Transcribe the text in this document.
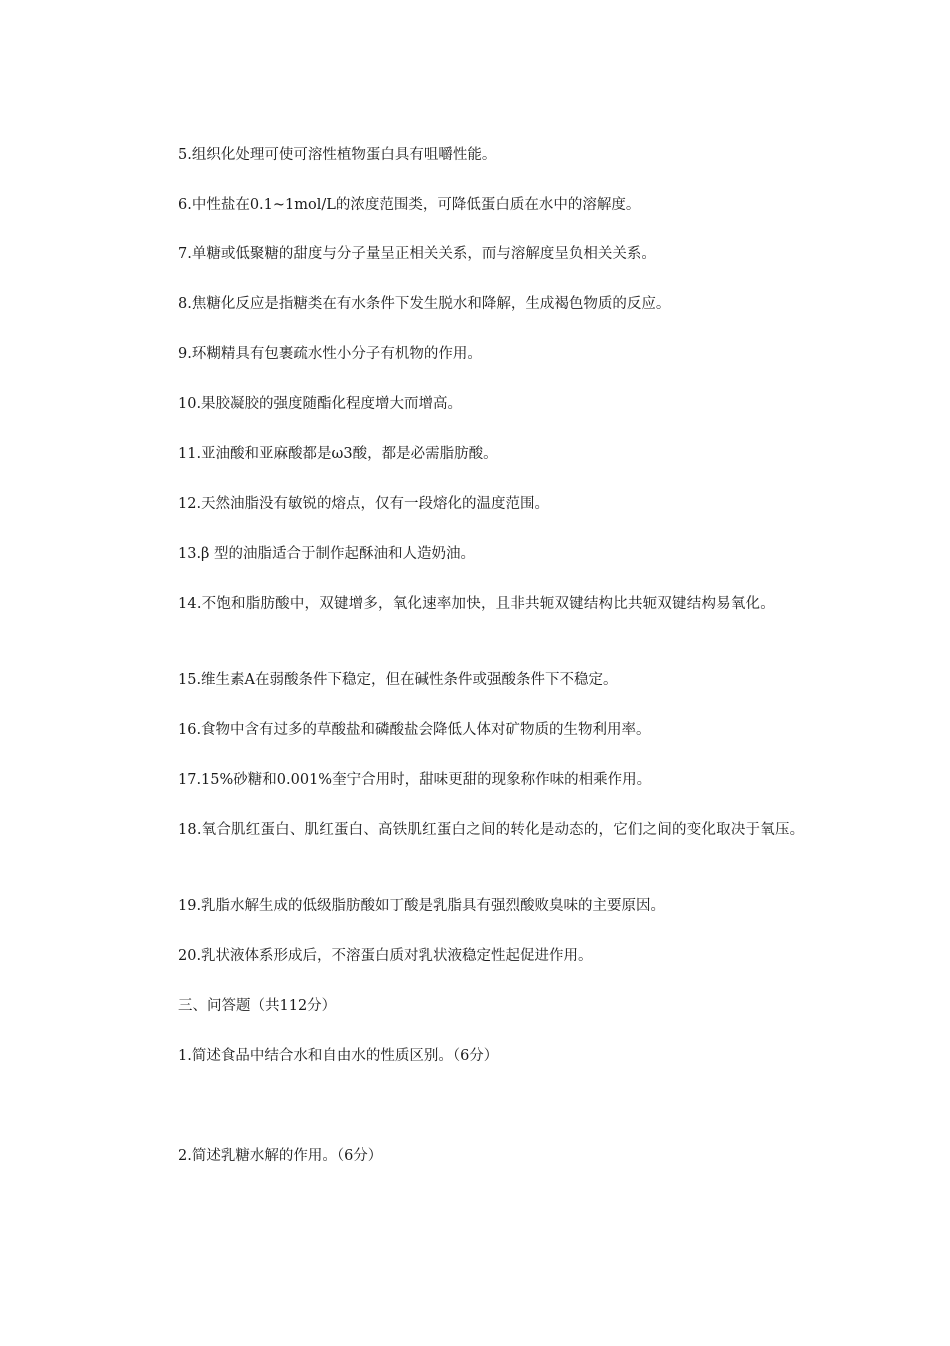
5.组织化处理可使可溶性植物蛋白具有咀嚼性能。
6.中性盐在0.1~1mol/L的浓度范围类，可降低蛋白质在水中的溶解度。
7.单糖或低聚糖的甜度与分子量呈正相关关系，而与溶解度呈负相关关系。
8.焦糖化反应是指糖类在有水条件下发生脱水和降解，生成褐色物质的反应。
9.环糊精具有包裹疏水性小分子有机物的作用。
10.果胶凝胶的强度随酯化程度增大而增高。
11.亚油酸和亚麻酸都是ω3酸，都是必需脂肪酸。
12.天然油脂没有敏锐的熔点，仅有一段熔化的温度范围。
13.β 型的油脂适合于制作起酥油和人造奶油。
14.不饱和脂肪酸中，双键增多，氧化速率加快，且非共轭双键结构比共轭双键结构易氧化。
15.维生素A在弱酸条件下稳定，但在碱性条件或强酸条件下不稳定。
16.食物中含有过多的草酸盐和磷酸盐会降低人体对矿物质的生物利用率。
17.15%砂糖和0.001%奎宁合用时，甜味更甜的现象称作味的相乘作用。
18.氧合肌红蛋白、肌红蛋白、高铁肌红蛋白之间的转化是动态的，它们之间的变化取决于氧压。
19.乳脂水解生成的低级脂肪酸如丁酸是乳脂具有强烈酸败臭味的主要原因。
20.乳状液体系形成后，不溶蛋白质对乳状液稳定性起促进作用。
三、问答题（共112分）
1.简述食品中结合水和自由水的性质区别。（6分）
2.简述乳糖水解的作用。（6分）
